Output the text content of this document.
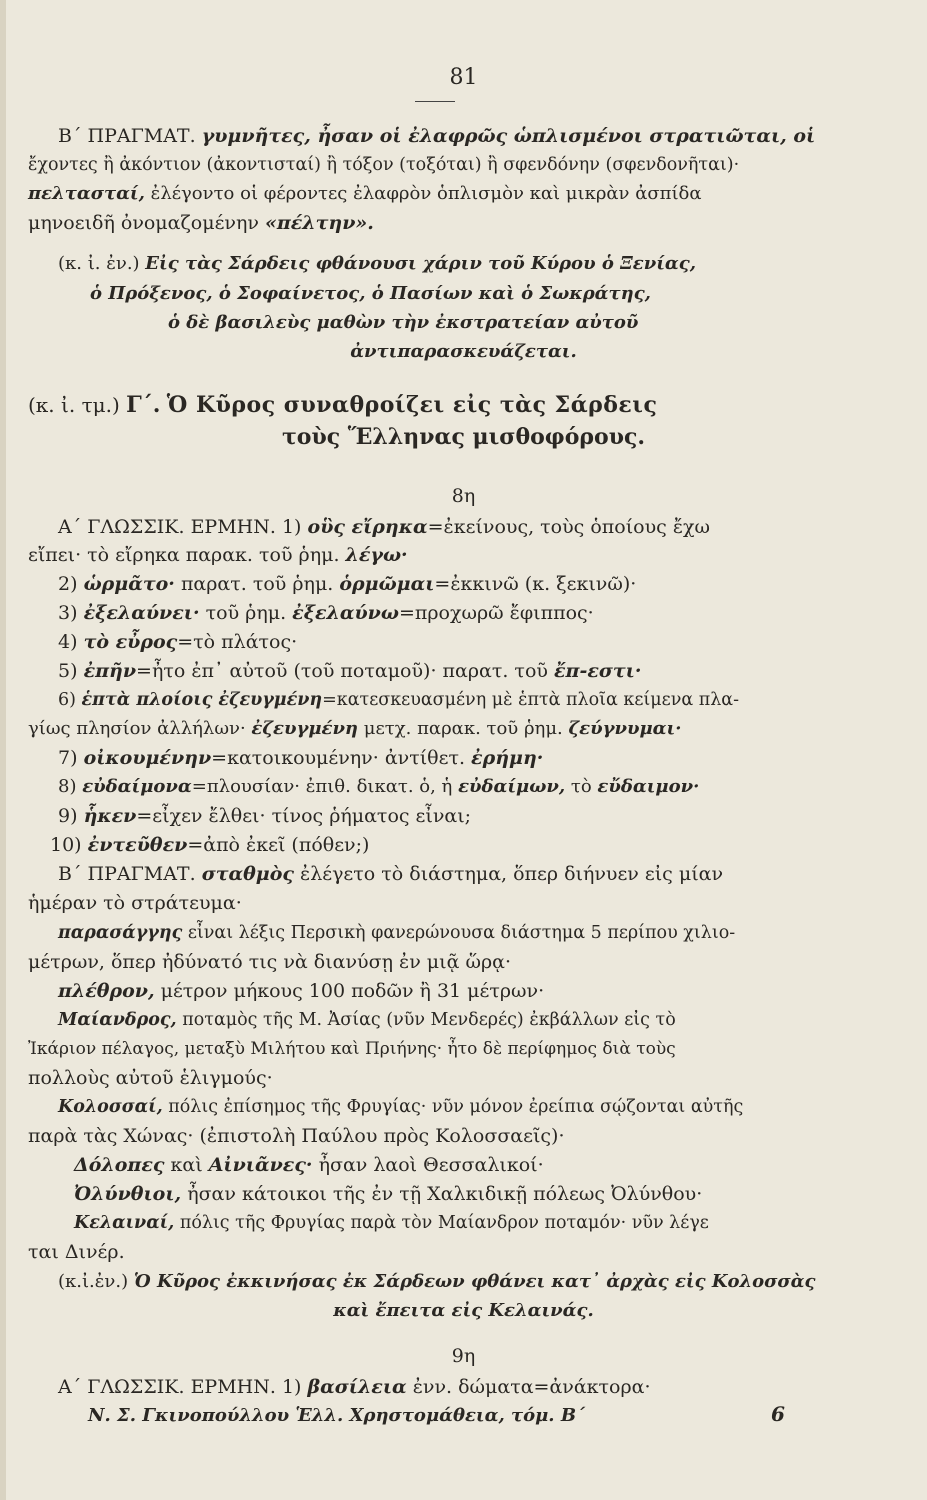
81
Β΄ ΠΡΑΓΜΑΤ. γυμνῆτες, ἦσαν οἱ ἐλαφρῶς ὡπλισμένοι στρατιῶται, οἱ
ἔχοντες ἢ ἀκόντιον (ἀκοντισταί) ἢ τόξον (τοξόται) ἢ σφενδόνην (σφενδονῆται)·
πελτασταί, ἐλέγοντο οἱ φέροντες ἐλαφρὸν ὁπλισμὸν καὶ μικρὰν ἀσπίδα
μηνοειδῆ ὀνομαζομένην «πέλτην».
(κ. ἰ. ἐν.) Εἰς τὰς Σάρδεις φθάνουσι χάριν τοῦ Κύρου ὁ Ξενίας,
ὁ Πρόξενος, ὁ Σοφαίνετος, ὁ Πασίων καὶ ὁ Σωκράτης,
ὁ δὲ βασιλεὺς μαθὼν τὴν ἐκστρατείαν αὐτοῦ
ἀντιπαρασκευάζεται.
(κ. ἰ. τμ.) Γ΄. Ὁ Κῦρος συναθροίζει εἰς τὰς Σάρδεις
τοὺς Ἕλληνας μισθοφόρους.
8η
Α΄ ΓΛΩΣΣΙΚ. ΕΡΜΗΝ. 1) οὓς εἴρηκα=ἐκείνους, τοὺς ὁποίους ἔχω
εἴπει· τὸ εἴρηκα παρακ. τοῦ ῥημ. λέγω·
2) ὡρμᾶτο· παρατ. τοῦ ῥημ. ὁρμῶμαι=ἐκκινῶ (κ. ξεκινῶ)·
3) ἐξελαύνει· τοῦ ῥημ. ἐξελαύνω=προχωρῶ ἔφιππος·
4) τὸ εὖρος=τὸ πλάτος·
5) ἐπῆν=ἦτο ἐπ᾽ αὐτοῦ (τοῦ ποταμοῦ)· παρατ. τοῦ ἔπ-εστι·
6) ἑπτὰ πλοίοις ἐζευγμένη=κατεσκευασμένη μὲ ἑπτὰ πλοῖα κείμενα πλα-
γίως πλησίον ἀλλήλων· ἐζευγμένη μετχ. παρακ. τοῦ ῥημ. ζεύγνυμαι·
7) οἰκουμένην=κατοικουμένην· ἀντίθετ. ἐρήμη·
8) εὐδαίμονα=πλουσίαν· ἐπιθ. δικατ. ὁ, ἡ εὐδαίμων, τὸ εὔδαιμον·
9) ἧκεν=εἶχεν ἔλθει· τίνος ῥήματος εἶναι;
10) ἐντεῦθεν=ἀπὸ ἐκεῖ (πόθεν;)
Β΄ ΠΡΑΓΜΑΤ. σταθμὸς ἐλέγετο τὸ διάστημα, ὅπερ διήνυεν εἰς μίαν
ἡμέραν τὸ στράτευμα·
παρασάγγης εἶναι λέξις Περσικὴ φανερώνουσα διάστημα 5 περίπου χιλιο-
μέτρων, ὅπερ ἠδύνατό τις νὰ διανύσῃ ἐν μιᾷ ὥρᾳ·
πλέθρον, μέτρον μήκους 100 ποδῶν ἢ 31 μέτρων·
Μαίανδρος, ποταμὸς τῆς Μ. Ἀσίας (νῦν Μενδερές) ἐκβάλλων εἰς τὸ
Ἰκάριον πέλαγος, μεταξὺ Μιλήτου καὶ Πριήνης· ἦτο δὲ περίφημος διὰ τοὺς
πολλοὺς αὐτοῦ ἑλιγμούς·
Κολοσσαί, πόλις ἐπίσημος τῆς Φρυγίας· νῦν μόνον ἐρείπια σῴζονται αὐτῆς
παρὰ τὰς Χώνας· (ἐπιστολὴ Παύλου πρὸς Κολοσσαεῖς)·
Δόλοπες καὶ Αἰνιᾶνες· ἦσαν λαοὶ Θεσσαλικοί·
Ὀλύνθιοι, ἦσαν κάτοικοι τῆς ἐν τῇ Χαλκιδικῇ πόλεως Ὀλύνθου·
Κελαιναί, πόλις τῆς Φρυγίας παρὰ τὸν Μαίανδρον ποταμόν· νῦν λέγε
ται Δινέρ.
(κ.ἰ.ἐν.) Ὁ Κῦρος ἐκκινήσας ἐκ Σάρδεων φθάνει κατ᾽ ἀρχὰς εἰς Κολοσσὰς
καὶ ἔπειτα εἰς Κελαινάς.
9η
Α΄ ΓΛΩΣΣΙΚ. ΕΡΜΗΝ. 1) βασίλεια ἐνν. δώματα=ἀνάκτορα·
Ν. Σ. Γκινοπούλλου Ἑλλ. Χρηστομάθεια, τόμ. Β΄	6
